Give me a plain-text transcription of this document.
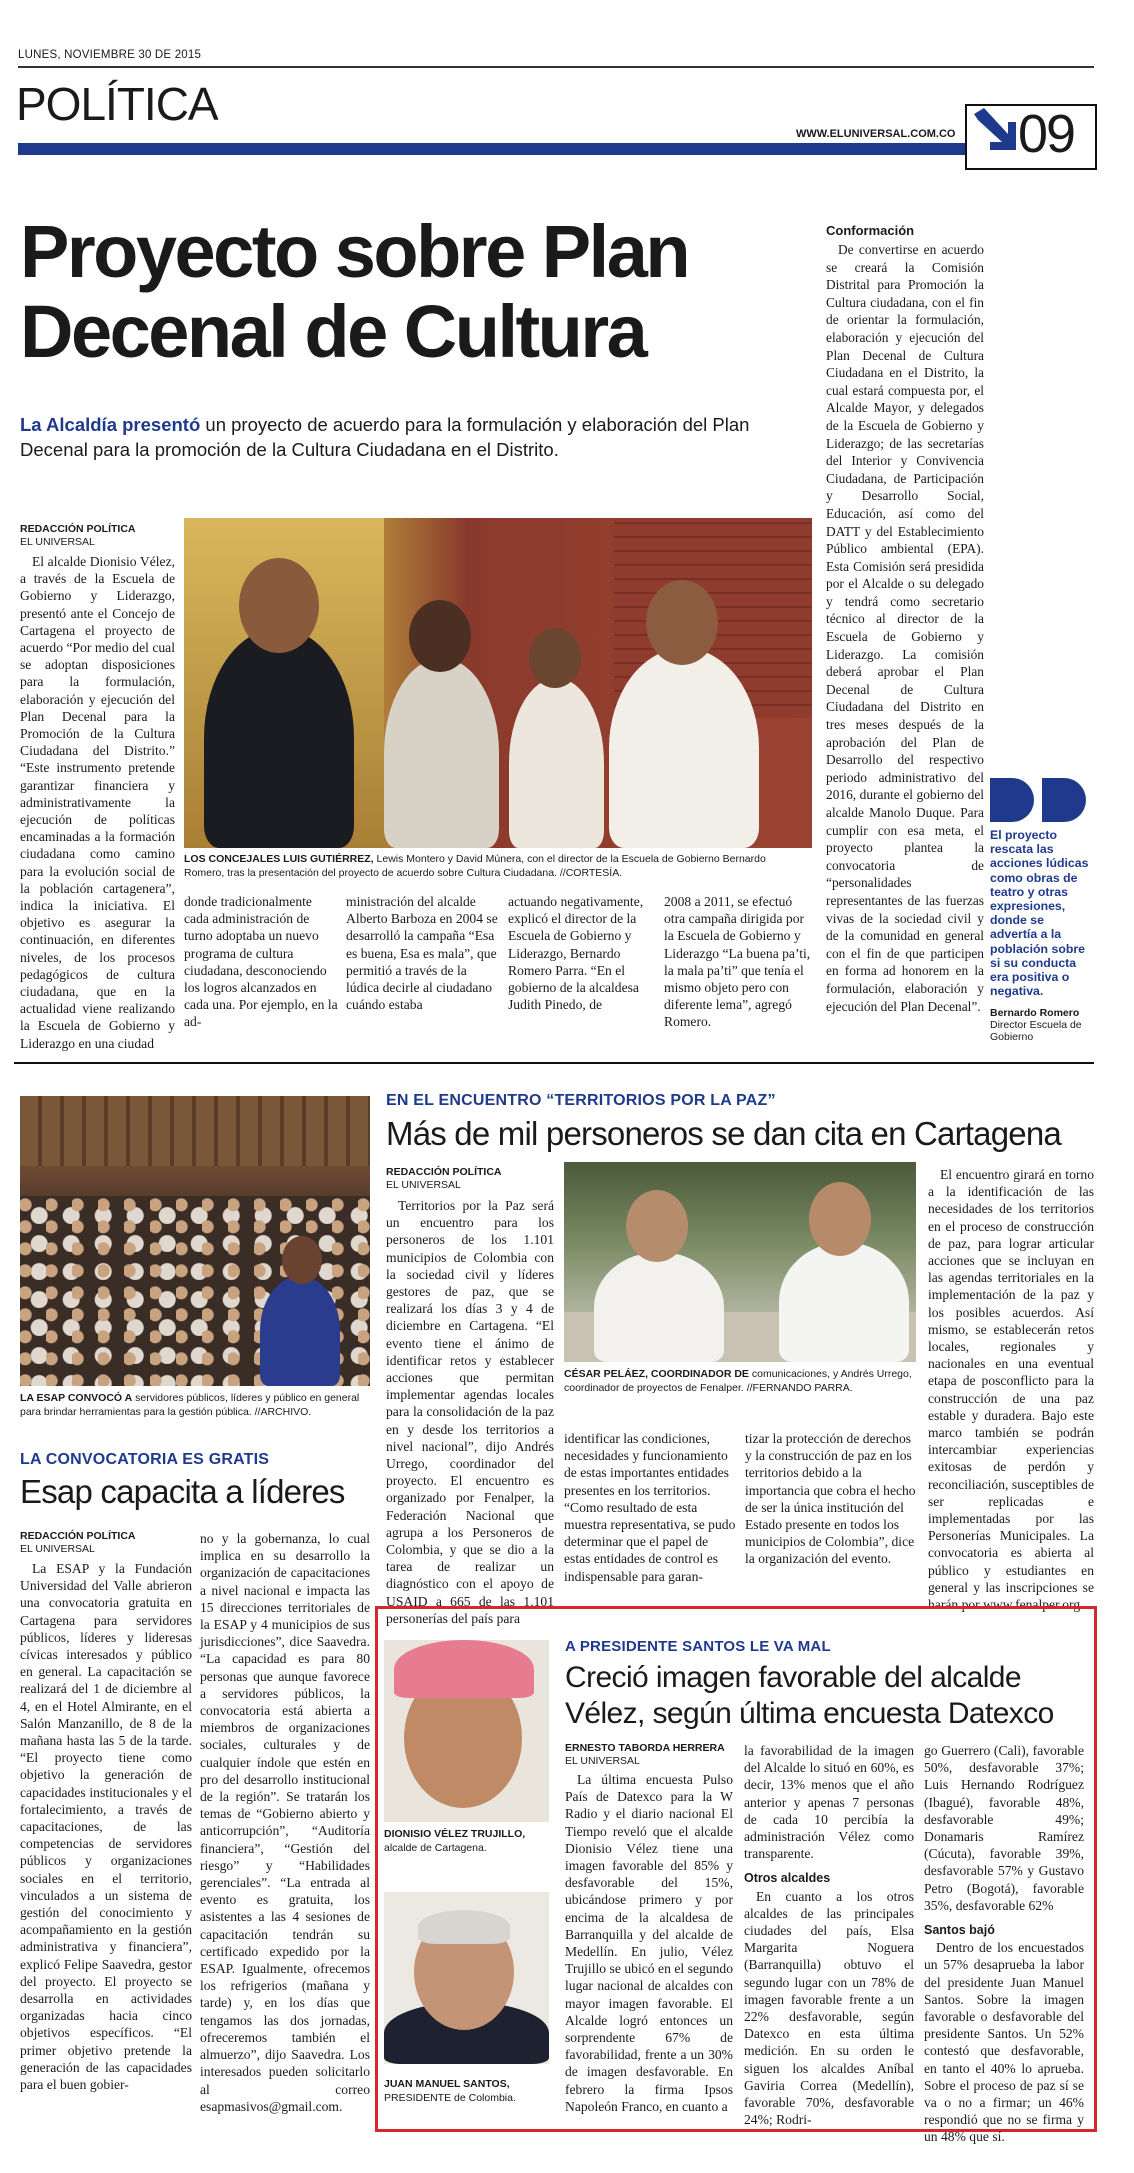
LUNES, NOVIEMBRE 30 DE 2015
POLÍTICA
WWW.ELUNIVERSAL.COM.CO 09
Proyecto sobre Plan Decenal de Cultura
La Alcaldía presentó un proyecto de acuerdo para la formulación y elaboración del Plan Decenal para la promoción de la Cultura Ciudadana en el Distrito.
REDACCIÓN POLÍTICA
EL UNIVERSAL

El alcalde Dionisio Vélez, a través de la Escuela de Gobierno y Liderazgo, presentó ante el Concejo de Cartagena el proyecto de acuerdo “Por medio del cual se adoptan disposiciones para la formulación, elaboración y ejecución del Plan Decenal para la Promoción de la Cultura Ciudadana del Distrito.” “Este instrumento pretende garantizar financiera y administrativamente la ejecución de políticas encaminadas a la formación ciudadana como camino para la evolución social de la población cartagenera”, indica la iniciativa. El objetivo es asegurar la continuación, en diferentes niveles, de los procesos pedagógicos de cultura ciudadana, que en la actualidad viene realizando la Escuela de Gobierno y Liderazgo en una ciudad

LOS CONCEJALES LUIS GUTIÉRREZ, Lewis Montero y David Múnera, con el director de la Escuela de Gobierno Bernardo Romero, tras la presentación del proyecto de acuerdo sobre Cultura Ciudadana. //CORTESÍA.

donde tradicionalmente cada administración de turno adoptaba un nuevo programa de cultura ciudadana, desconociendo los logros alcanzados en cada una. Por ejemplo, en la ad-

ministración del alcalde Alberto Barboza en 2004 se desarrolló la campaña “Esa es buena, Esa es mala”, que permitió a través de la lúdica decirle al ciudadano cuándo estaba

actuando negativamente, explicó el director de la Escuela de Gobierno y Liderazgo, Bernardo Romero Parra. “En el gobierno de la alcaldesa Judith Pinedo, de

2008 a 2011, se efectuó otra campaña dirigida por la Escuela de Gobierno y Liderazgo “La buena pa’ti, la mala pa’ti” que tenía el mismo objeto pero con diferente lema”, agregó Romero.

Conformación

De convertirse en acuerdo se creará la Comisión Distrital para Promoción la Cultura ciudadana, con el fin de orientar la formulación, elaboración y ejecución del Plan Decenal de Cultura Ciudadana en el Distrito, la cual estará compuesta por, el Alcalde Mayor, y delegados de la Escuela de Gobierno y Liderazgo; de las secretarías del Interior y Convivencia Ciudadana, de Participación y Desarrollo Social, Educación, así como del DATT y del Establecimiento Público ambiental (EPA). Esta Comisión será presidida por el Alcalde o su delegado y tendrá como secretario técnico al director de la Escuela de Gobierno y Liderazgo. La comisión deberá aprobar el Plan Decenal de Cultura Ciudadana del Distrito en tres meses después de la aprobación del Plan de Desarrollo del respectivo periodo administrativo del 2016, durante el gobierno del alcalde Manolo Duque. Para cumplir con esa meta, el proyecto plantea la convocatoria de “personalidades representantes de las fuerzas vivas de la sociedad civil y de la comunidad en general con el fin de que participen en forma ad honorem en la formulación, elaboración y ejecución del Plan Decenal”.

El proyecto rescata las acciones lúdicas como obras de teatro y otras expresiones, donde se advertía a la población sobre si su conducta era positiva o negativa.
Bernardo Romero
Director Escuela de Gobierno
LA ESAP CONVOCÓ A servidores públicos, líderes y público en general para brindar herramientas para la gestión pública. //ARCHIVO.
EN EL ENCUENTRO “TERRITORIOS POR LA PAZ”
Más de mil personeros se dan cita en Cartagena
REDACCIÓN POLÍTICA
EL UNIVERSAL

Territorios por la Paz será un encuentro para los personeros de los 1.101 municipios de Colombia con la sociedad civil y líderes gestores de paz, que se realizará los días 3 y 4 de diciembre en Cartagena. “El evento tiene el ánimo de identificar retos y establecer acciones que permitan implementar agendas locales para la consolidación de la paz en y desde los territorios a nivel nacional”, dijo Andrés Urrego, coordinador del proyecto. El encuentro es organizado por Fenalper, la Federación Nacional que agrupa a los Personeros de Colombia, y que se dio a la tarea de realizar un diagnóstico con el apoyo de USAID a 665 de las 1.101 personerías del país para

CÉSAR PELÁEZ, COORDINADOR DE comunicaciones, y Andrés Urrego, coordinador de proyectos de Fenalper. //FERNANDO PARRA.

identificar las condiciones, necesidades y funcionamiento de estas importantes entidades presentes en los territorios. “Como resultado de esta muestra representativa, se pudo determinar que el papel de estas entidades de control es indispensable para garan-

tizar la protección de derechos y la construcción de paz en los territorios debido a la importancia que cobra el hecho de ser la única institución del Estado presente en todos los municipios de Colombia”, dice la organización del evento.

El encuentro girará en torno a la identificación de las necesidades de los territorios en el proceso de construcción de paz, para lograr articular acciones que se incluyan en las agendas territoriales en la implementación de la paz y los posibles acuerdos. Así mismo, se establecerán retos locales, regionales y nacionales en una eventual etapa de posconflicto para la construcción de una paz estable y duradera. Bajo este marco también se podrán intercambiar experiencias exitosas de perdón y reconciliación, susceptibles de ser replicadas e implementadas por las Personerías Municipales. La convocatoria es abierta al público y estudiantes en general y las inscripciones se harán por www.fenalper.org

LA CONVOCATORIA ES GRATIS
Esap capacita a líderes
REDACCIÓN POLÍTICA
EL UNIVERSAL

La ESAP y la Fundación Universidad del Valle abrieron una convocatoria gratuita en Cartagena para servidores públicos, líderes y lideresas cívicas interesados y público en general. La capacitación se realizará del 1 de diciembre al 4, en el Hotel Almirante, en el Salón Manzanillo, de 8 de la mañana hasta las 5 de la tarde. “El proyecto tiene como objetivo la generación de capacidades institucionales y el fortalecimiento, a través de capacitaciones, de las competencias de servidores públicos y organizaciones sociales en el territorio, vinculados a un sistema de gestión del conocimiento y acompañamiento en la gestión administrativa y financiera”, explicó Felipe Saavedra, gestor del proyecto. El proyecto se desarrolla en actividades organizadas hacia cinco objetivos específicos. “El primer objetivo pretende la generación de las capacidades para el buen gobier-

no y la gobernanza, lo cual implica en su desarrollo la organización de capacitaciones a nivel nacional e impacta las 15 direcciones territoriales de la ESAP y 4 municipios de sus jurisdicciones”, dice Saavedra. “La capacidad es para 80 personas que aunque favorece a servidores públicos, la convocatoria está abierta a miembros de organizaciones sociales, culturales y de cualquier índole que estén en pro del desarrollo institucional de la región”. Se tratarán los temas de “Gobierno abierto y anticorrupción”, “Auditoría financiera”, “Gestión del riesgo” y “Habilidades gerenciales”. “La entrada al evento es gratuita, los asistentes a las 4 sesiones de capacitación tendrán su certificado expedido por la ESAP. Igualmente, ofrecemos los refrigerios (mañana y tarde) y, en los días que tengamos las dos jornadas, ofreceremos también el almuerzo”, dijo Saavedra. Los interesados pueden solicitarlo al correo esapmasivos@gmail.com.

DIONISIO VÉLEZ TRUJILLO, alcalde de Cartagena.
JUAN MANUEL SANTOS, PRESIDENTE de Colombia.
A PRESIDENTE SANTOS LE VA MAL
Creció imagen favorable del alcalde Vélez, según última encuesta Datexco
ERNESTO TABORDA HERRERA
EL UNIVERSAL

La última encuesta Pulso País de Datexco para la W Radio y el diario nacional El Tiempo reveló que el alcalde Dionisio Vélez tiene una imagen favorable del 85% y desfavorable del 15%, ubicándose primero y por encima de la alcaldesa de Barranquilla y del alcalde de Medellín. En julio, Vélez Trujillo se ubicó en el segundo lugar nacional de alcaldes con mayor imagen favorable. El Alcalde logró entonces un sorprendente 67% de favorabilidad, frente a un 30% de imagen desfavorable. En febrero la firma Ipsos Napoleón Franco, en cuanto a

la favorabilidad de la imagen del Alcalde lo situó en 60%, es decir, 13% menos que el año anterior y apenas 7 personas de cada 10 percibía la administración Vélez como transparente.

Otros alcaldes

En cuanto a los otros alcaldes de las principales ciudades del país, Elsa Margarita Noguera (Barranquilla) obtuvo el segundo lugar con un 78% de imagen favorable frente a un 22% desfavorable, según Datexco en esta última medición. En su orden le siguen los alcaldes Aníbal Gaviria Correa (Medellín), favorable 70%, desfavorable 24%; Rodri-

go Guerrero (Cali), favorable 50%, desfavorable 37%; Luis Hernando Rodríguez (Ibagué), favorable 48%, desfavorable 49%; Donamaris Ramírez (Cúcuta), favorable 39%, desfavorable 57% y Gustavo Petro (Bogotá), favorable 35%, desfavorable 62%

Santos bajó

Dentro de los encuestados un 57% desaprueba la labor del presidente Juan Manuel Santos. Sobre la imagen favorable o desfavorable del presidente Santos. Un 52% contestó que desfavorable, en tanto el 40% lo aprueba. Sobre el proceso de paz sí se va o no a firmar; un 46% respondió que no se firma y un 48% que sí.
